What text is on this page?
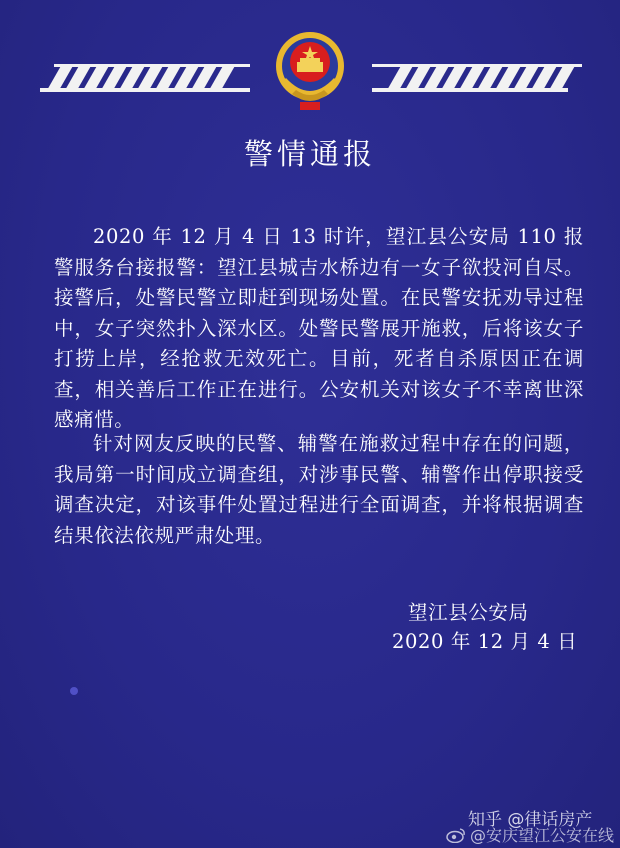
警情通报

2020 年 12 月 4 日 13 时许，望江县公安局 110 报警服务台接报警：望江县城吉水桥边有一女子欲投河自尽。接警后，处警民警立即赶到现场处置。在民警安抚劝导过程中，女子突然扑入深水区。处警民警展开施救，后将该女子打捞上岸，经抢救无效死亡。目前，死者自杀原因正在调查，相关善后工作正在进行。公安机关对该女子不幸离世深感痛惜。

针对网友反映的民警、辅警在施救过程中存在的问题，我局第一时间成立调查组，对涉事民警、辅警作出停职接受调查决定，对该事件处置过程进行全面调查，并将根据调查结果依法依规严肃处理。

望江县公安局
2020 年 12 月 4 日
知乎 @律话房产
@安庆望江公安在线
